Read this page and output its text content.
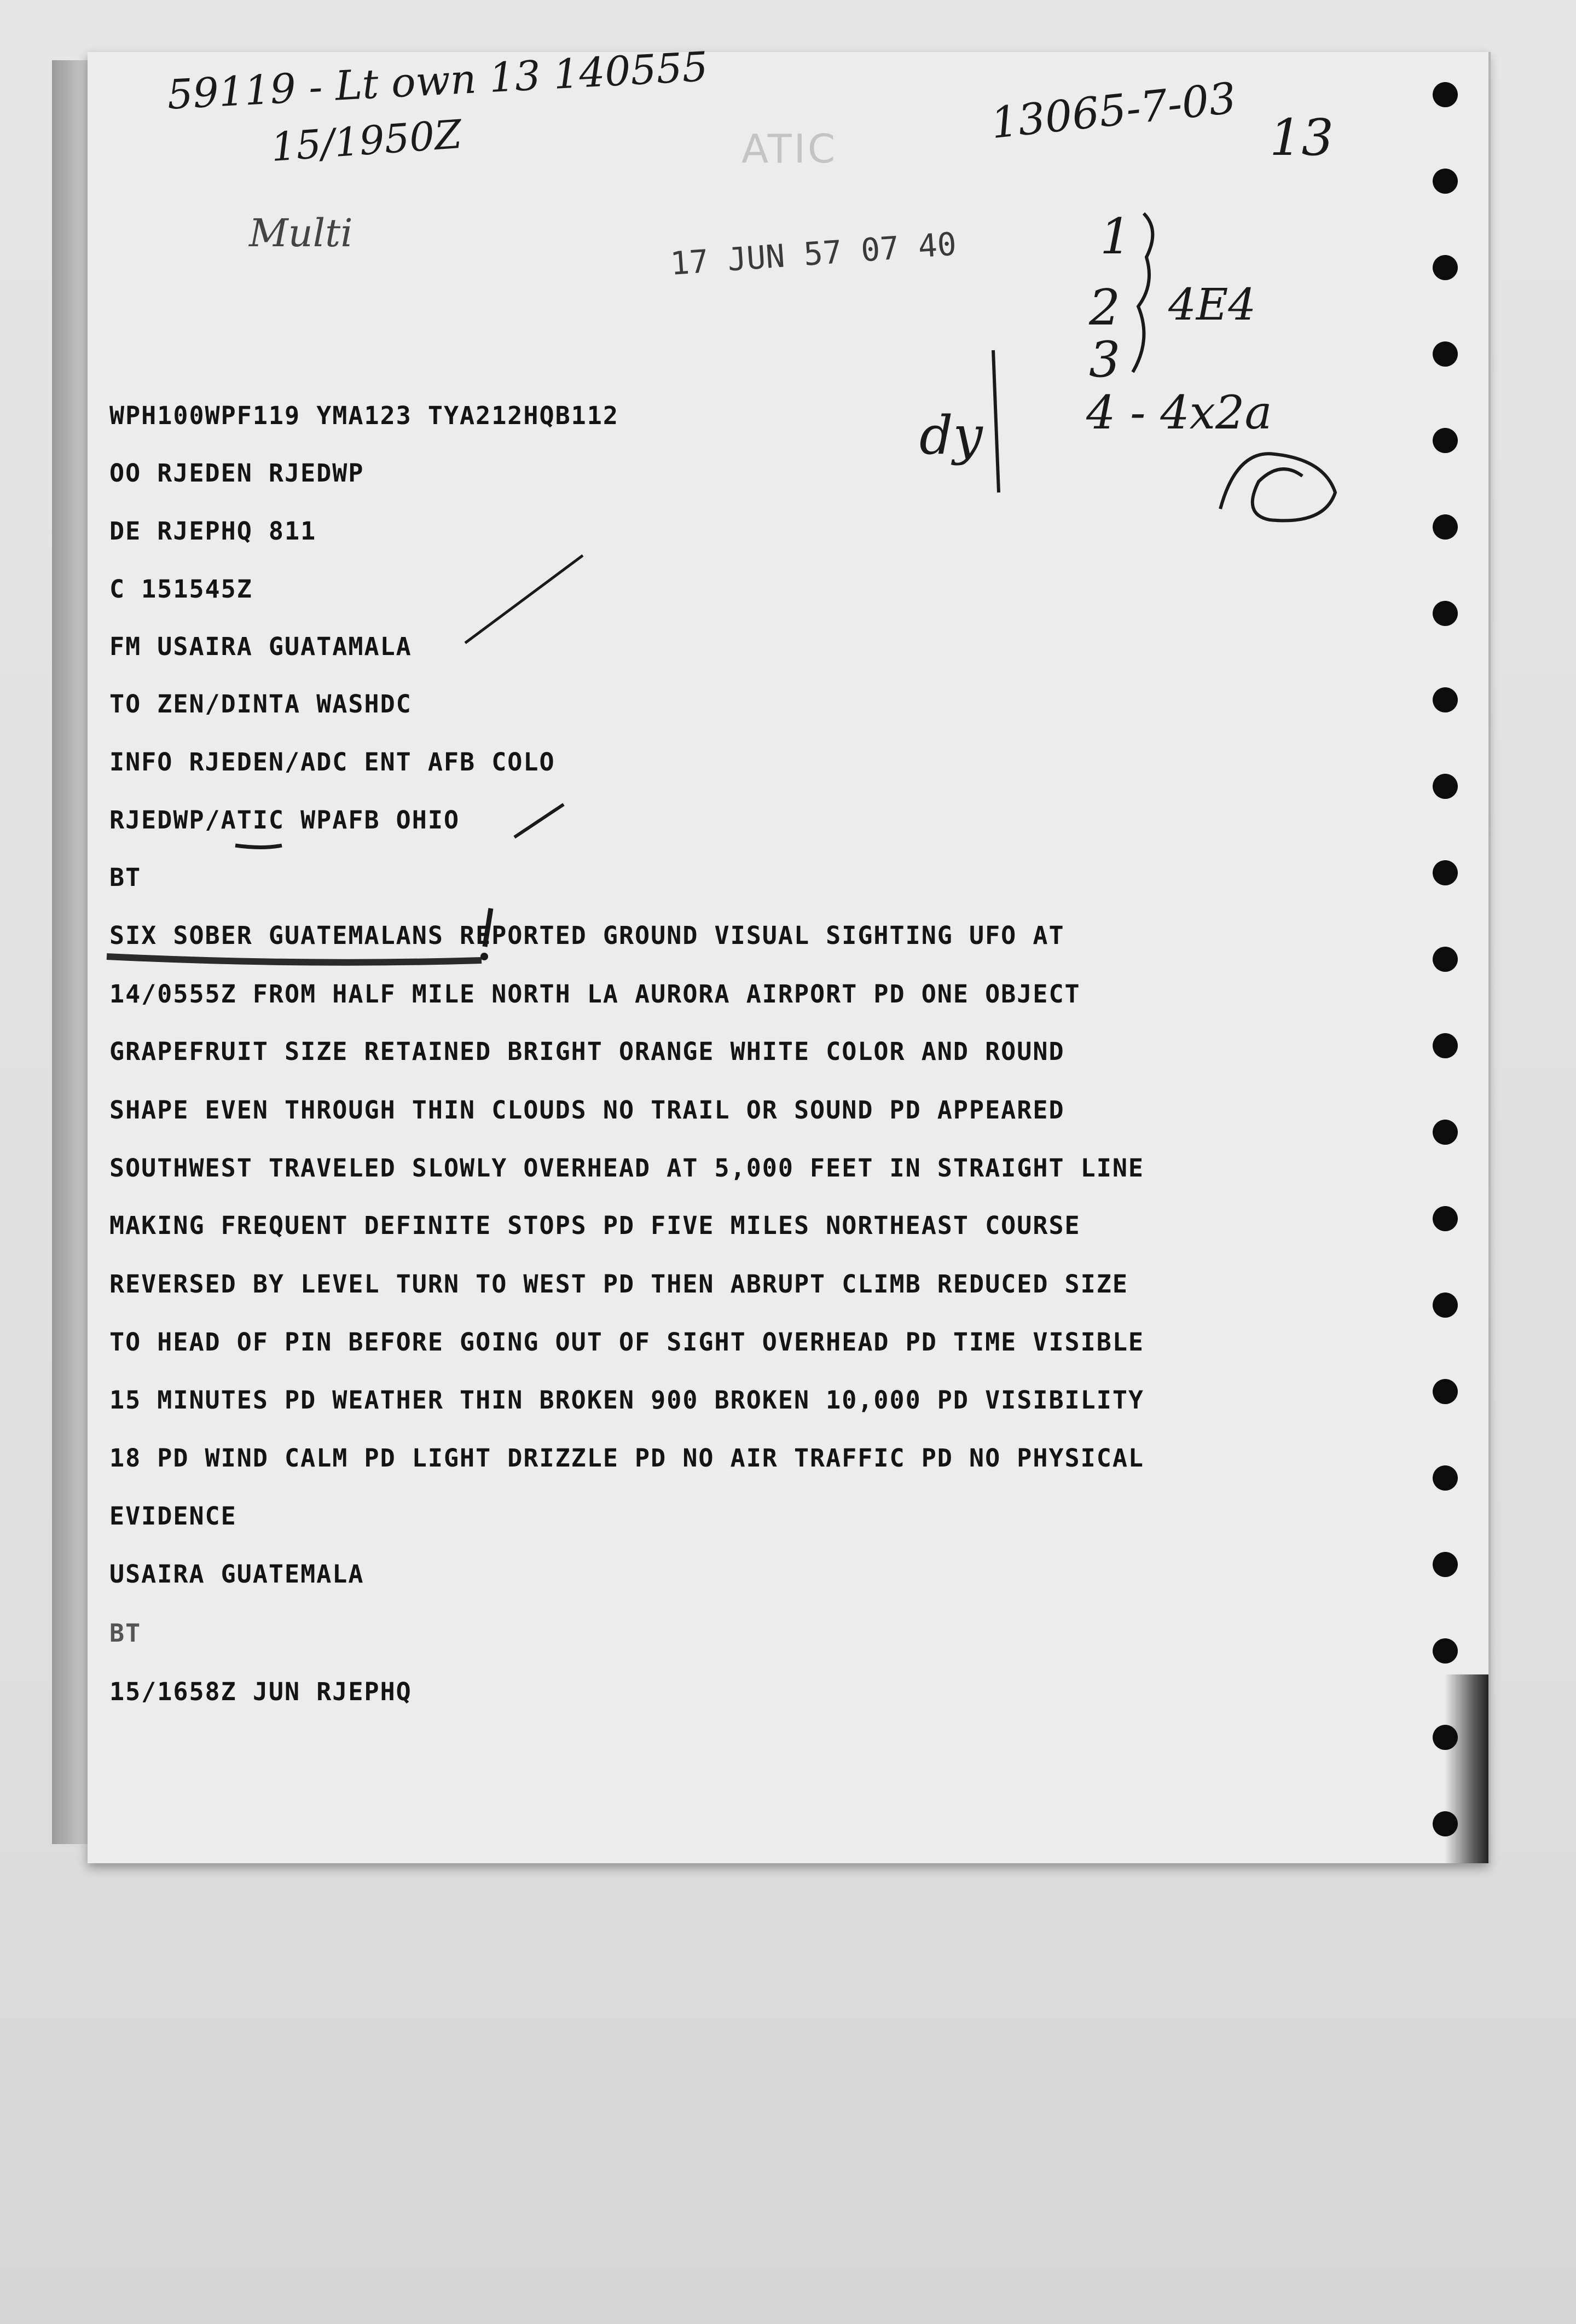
59119 - Lt own 13 140555
15/1950Z	13065-7-03 13
Multi
ATIC
17 JUN 57 07 40	1
2
3
4 - 4x2a
4E4
dy
WPH100WPF119 YMA123 TYA212HQB112
OO RJEDEN RJEDWP
DE RJEPHQ 811
C 151545Z
FM USAIRA GUATAMALA
TO ZEN/DINTA WASHDC
INFO RJEDEN/ADC ENT AFB COLO
RJEDWP/ATIC WPAFB OHIO
BT
SIX SOBER GUATEMALANS REPORTED GROUND VISUAL SIGHTING UFO AT
14/0555Z FROM HALF MILE NORTH LA AURORA AIRPORT PD ONE OBJECT
GRAPEFRUIT SIZE RETAINED BRIGHT ORANGE WHITE COLOR AND ROUND
SHAPE EVEN THROUGH THIN CLOUDS NO TRAIL OR SOUND PD APPEARED
SOUTHWEST TRAVELED SLOWLY OVERHEAD AT 5,000 FEET IN STRAIGHT LINE
MAKING FREQUENT DEFINITE STOPS PD FIVE MILES NORTHEAST COURSE
REVERSED BY LEVEL TURN TO WEST PD THEN ABRUPT CLIMB REDUCED SIZE
TO HEAD OF PIN BEFORE GOING OUT OF SIGHT OVERHEAD PD TIME VISIBLE
15 MINUTES PD WEATHER THIN BROKEN 900 BROKEN 10,000 PD VISIBILITY
18 PD WIND CALM PD LIGHT DRIZZLE PD NO AIR TRAFFIC PD NO PHYSICAL
EVIDENCE
USAIRA GUATEMALA
BT
15/1658Z JUN RJEPHQ
